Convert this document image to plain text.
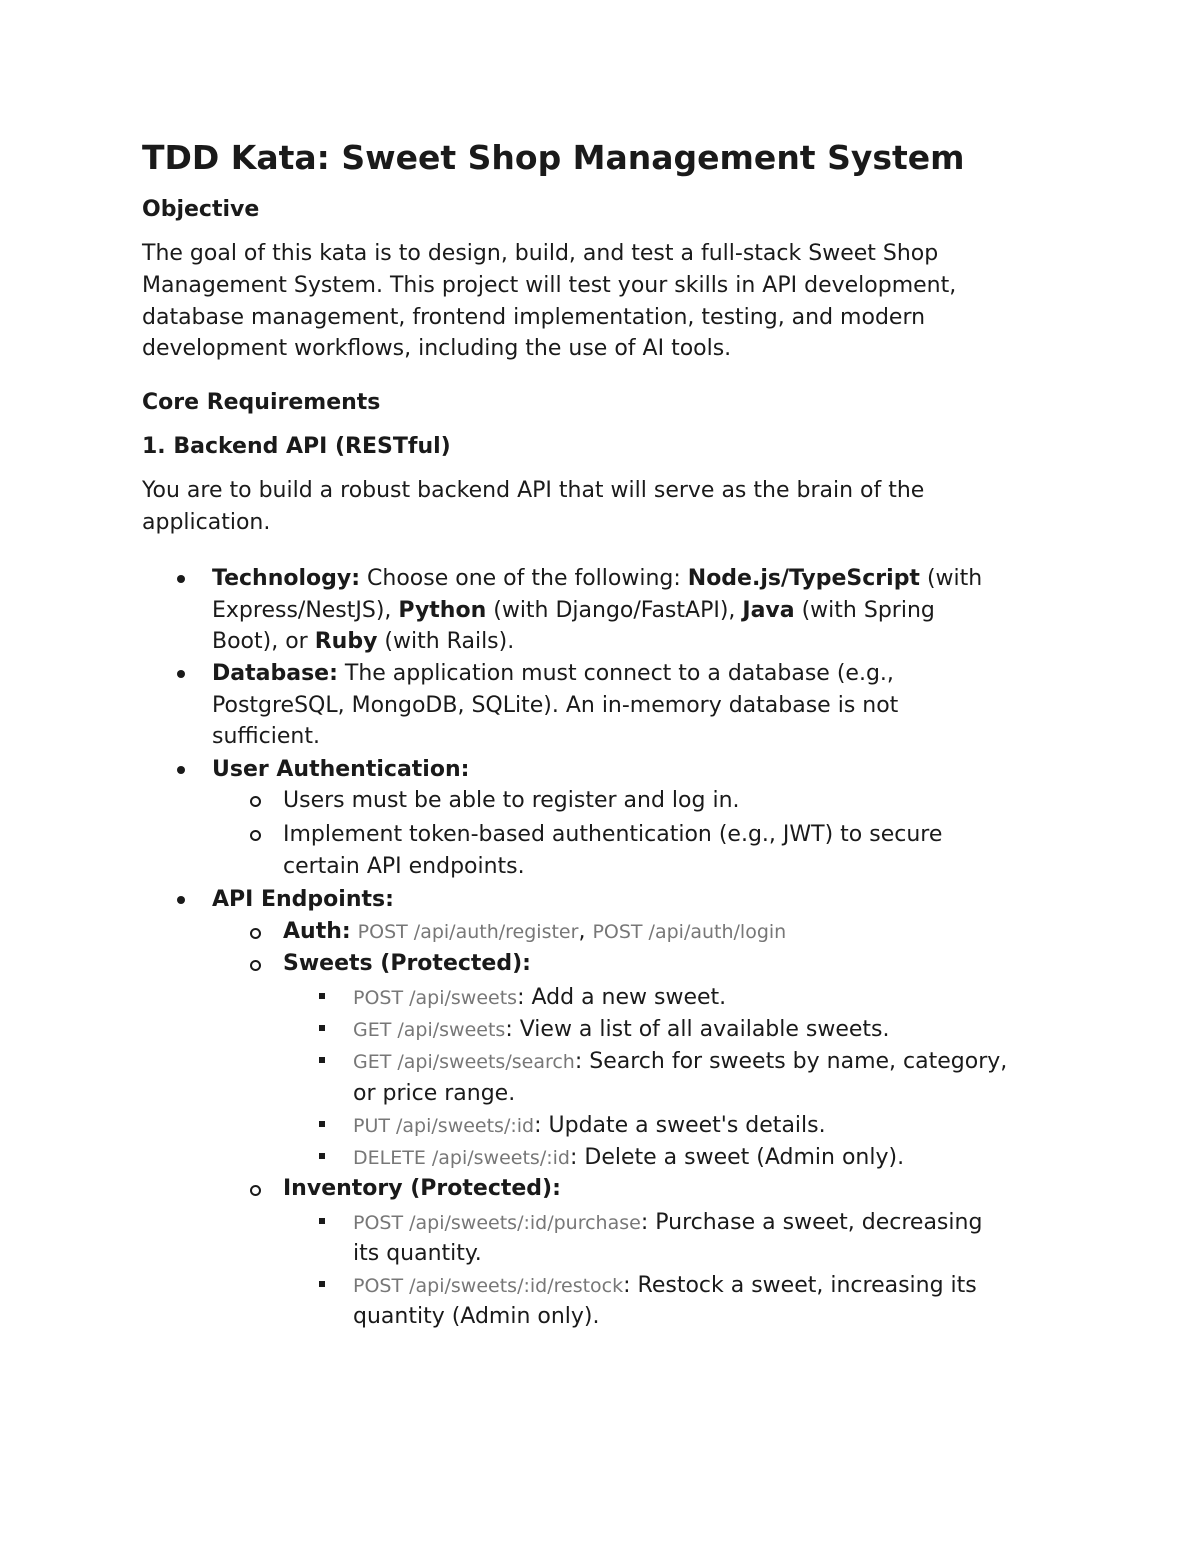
TDD Kata: Sweet Shop Management System
Objective
The goal of this kata is to design, build, and test a full-stack Sweet Shop
Management System. This project will test your skills in API development,
database management, frontend implementation, testing, and modern
development workflows, including the use of AI tools.
Core Requirements
1. Backend API (RESTful)
You are to build a robust backend API that will serve as the brain of the
application.
Technology: Choose one of the following: Node.js/TypeScript (with
Express/NestJS), Python (with Django/FastAPI), Java (with Spring
Boot), or Ruby (with Rails).
Database: The application must connect to a database (e.g.,
PostgreSQL, MongoDB, SQLite). An in-memory database is not
sufficient.
User Authentication:
Users must be able to register and log in.
Implement token-based authentication (e.g., JWT) to secure
certain API endpoints.
API Endpoints:
Auth: POST /api/auth/register, POST /api/auth/login
Sweets (Protected):
POST /api/sweets: Add a new sweet.
GET /api/sweets: View a list of all available sweets.
GET /api/sweets/search: Search for sweets by name, category,
or price range.
PUT /api/sweets/:id: Update a sweet's details.
DELETE /api/sweets/:id: Delete a sweet (Admin only).
Inventory (Protected):
POST /api/sweets/:id/purchase: Purchase a sweet, decreasing
its quantity.
POST /api/sweets/:id/restock: Restock a sweet, increasing its
quantity (Admin only).
